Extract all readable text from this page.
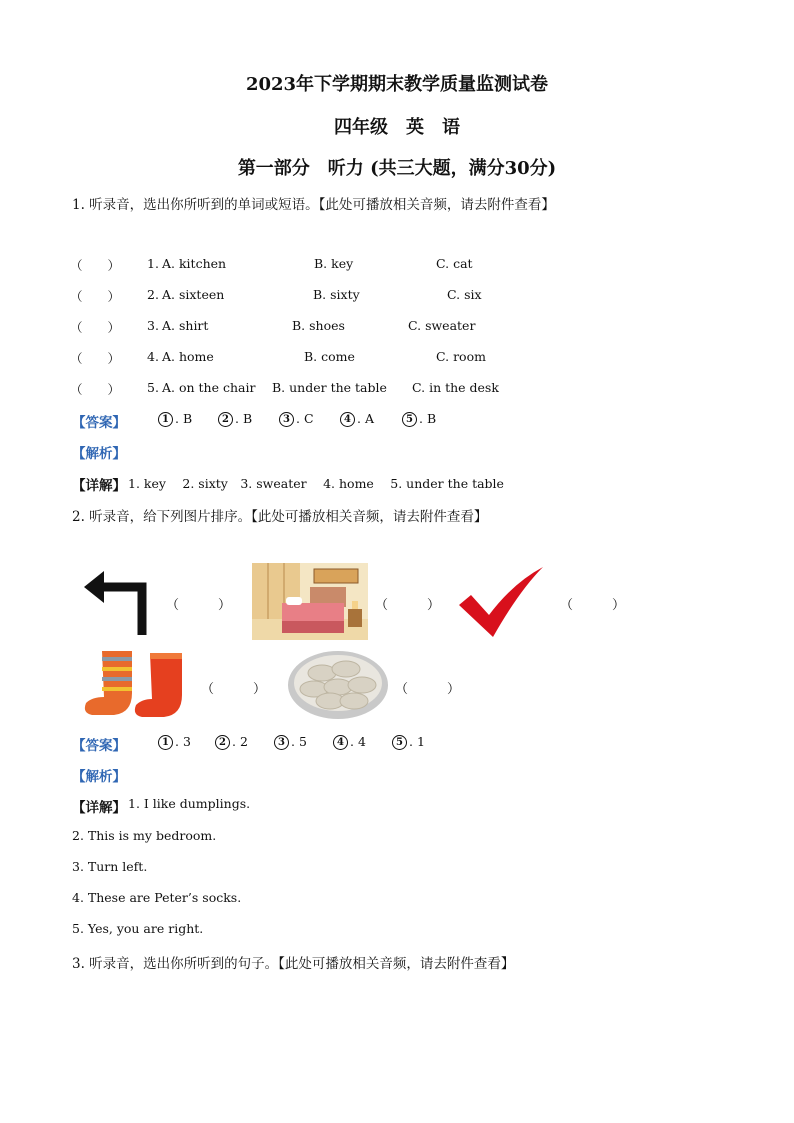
2023年下学期期末教学质量监测试卷
四年级　英　语
第一部分　听力 (共三大题，满分30分)
1. 听录音，选出你所听到的单词或短语。【此处可播放相关音频，请去附件查看】
（　　） 1. A. kitchen	B. key	C. cat
（　　） 2. A. sixteen	B. sixty	C. six
（　　） 3. A. shirt	B. shoes	C. sweater
（　　） 4. A. home	B. come	C. room
（　　） 5. A. on the chair B. under the table C. in the desk
【答案】	1 . B	2 . B	3 . C	4 . A	5 . B
【解析】
【详解】 1. key　 2. sixty　3. sweater　 4. home　 5. under the table
2. 听录音，给下列图片排序。【此处可播放相关音频，请去附件查看】
（　　　）	（　　　）	（　　　）
（　　　）	（　　　）
【答案】	1 . 3	2 . 2	3 . 5	4 . 4	5 . 1
【解析】
【详解】 1. I like dumplings.
2. This is my bedroom.
3. Turn left.
4. These are Peter’s socks.
5. Yes, you are right.
3. 听录音，选出你所听到的句子。【此处可播放相关音频，请去附件查看】
